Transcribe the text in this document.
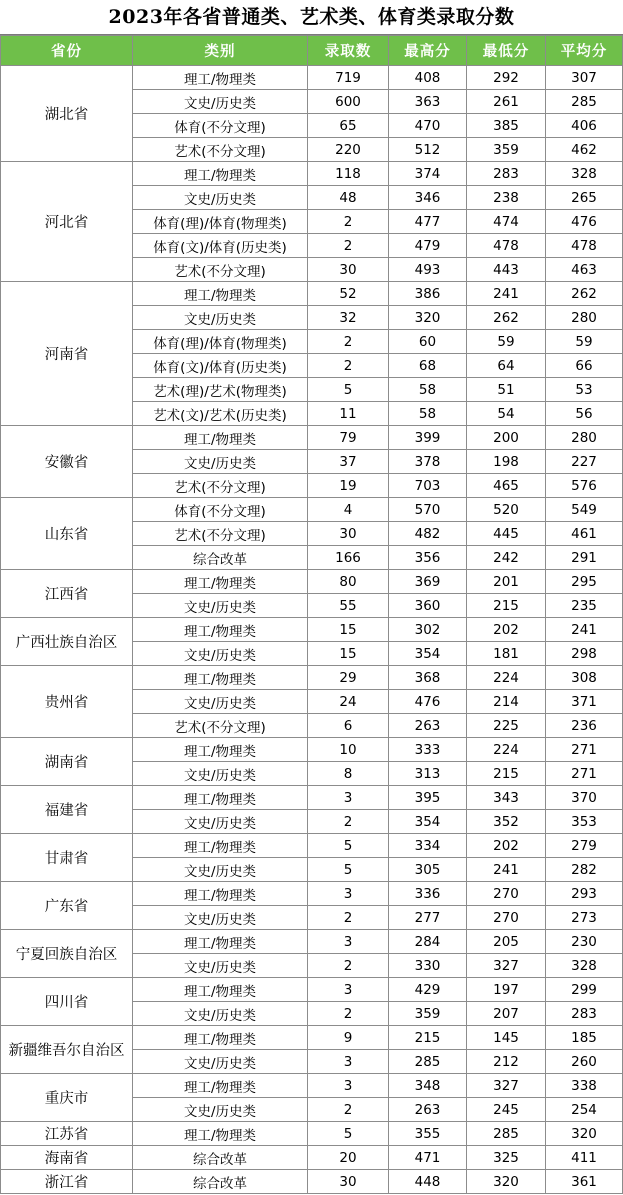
2023年各省普通类、艺术类、体育类录取分数
省份	类别	录取数	最高分	最低分	平均分
湖北省	理工/物理类	719	408	292	307
	文史/历史类	600	363	261	285
	体育(不分文理)	65	470	385	406
	艺术(不分文理)	220	512	359	462
河北省	理工/物理类	118	374	283	328
	文史/历史类	48	346	238	265
	体育(理)/体育(物理类)	2	477	474	476
	体育(文)/体育(历史类)	2	479	478	478
	艺术(不分文理)	30	493	443	463
河南省	理工/物理类	52	386	241	262
	文史/历史类	32	320	262	280
	体育(理)/体育(物理类)	2	60	59	59
	体育(文)/体育(历史类)	2	68	64	66
	艺术(理)/艺术(物理类)	5	58	51	53
	艺术(文)/艺术(历史类)	11	58	54	56
安徽省	理工/物理类	79	399	200	280
	文史/历史类	37	378	198	227
	艺术(不分文理)	19	703	465	576
山东省	体育(不分文理)	4	570	520	549
	艺术(不分文理)	30	482	445	461
	综合改革	166	356	242	291
江西省	理工/物理类	80	369	201	295
	文史/历史类	55	360	215	235
广西壮族自治区	理工/物理类	15	302	202	241
	文史/历史类	15	354	181	298
贵州省	理工/物理类	29	368	224	308
	文史/历史类	24	476	214	371
	艺术(不分文理)	6	263	225	236
湖南省	理工/物理类	10	333	224	271
	文史/历史类	8	313	215	271
福建省	理工/物理类	3	395	343	370
	文史/历史类	2	354	352	353
甘肃省	理工/物理类	5	334	202	279
	文史/历史类	5	305	241	282
广东省	理工/物理类	3	336	270	293
	文史/历史类	2	277	270	273
宁夏回族自治区	理工/物理类	3	284	205	230
	文史/历史类	2	330	327	328
四川省	理工/物理类	3	429	197	299
	文史/历史类	2	359	207	283
新疆维吾尔自治区	理工/物理类	9	215	145	185
	文史/历史类	3	285	212	260
重庆市	理工/物理类	3	348	327	338
	文史/历史类	2	263	245	254
江苏省	理工/物理类	5	355	285	320
海南省	综合改革	20	471	325	411
浙江省	综合改革	30	448	320	361
